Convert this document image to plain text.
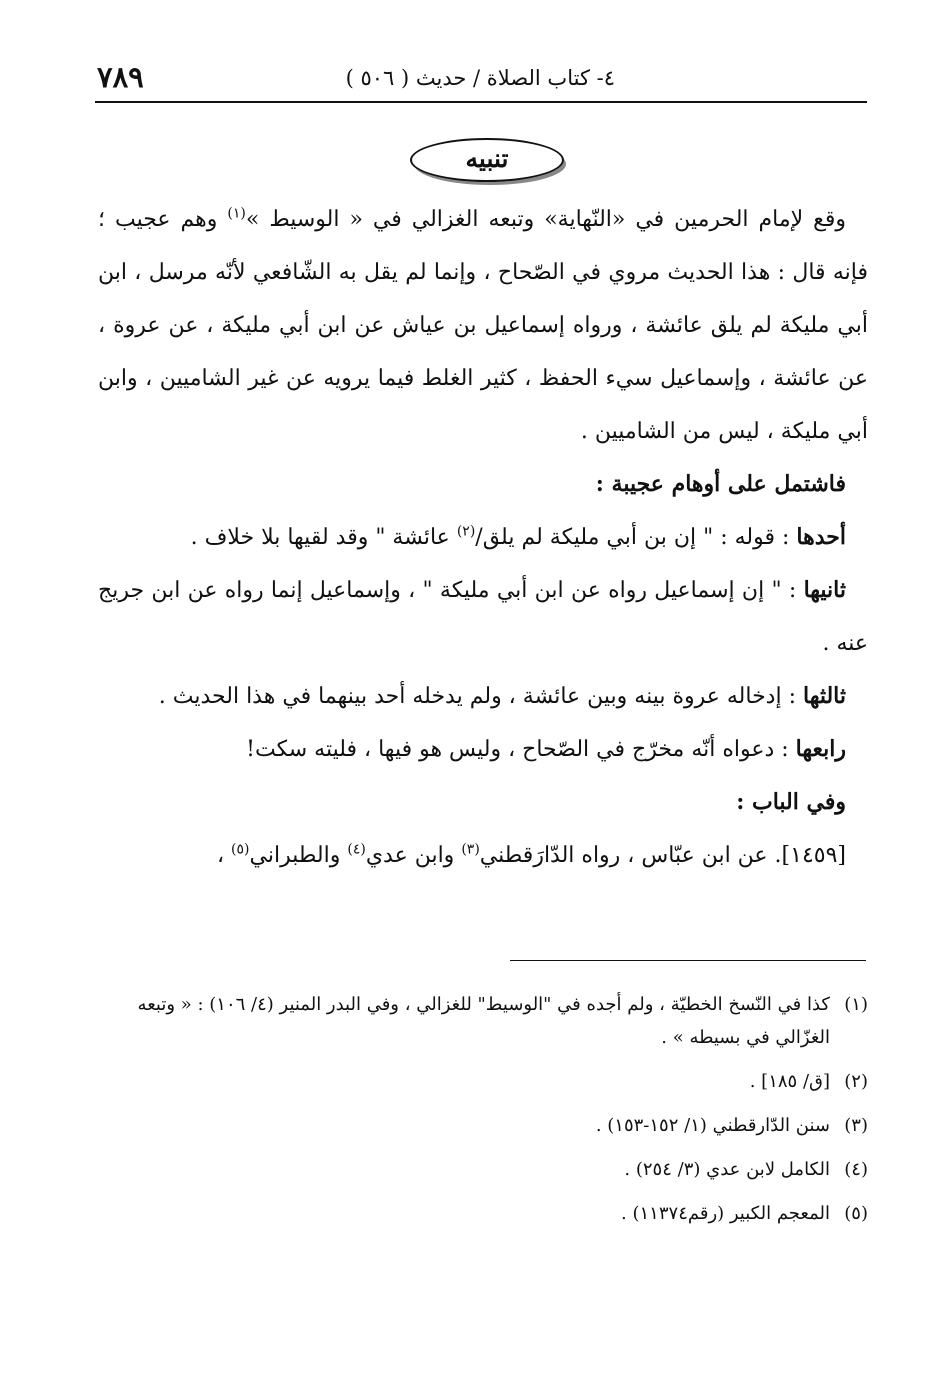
٤- كتاب الصلاة / حديث ( ٥٠٦ )
٧٨٩
تنبيه

وقع لإمام الحرمين في «النّهاية» وتبعه الغزالي في « الوسيط »$^{(١)}$ وهم عجيب ؛ فإنه قال : هذا الحديث مروي في الصّحاح ، وإنما لم يقل به الشّافعي لأنّه مرسل ، ابن أبي مليكة لم يلق عائشة ، ورواه إسماعيل بن عياش عن ابن أبي مليكة ، عن عروة ، عن عائشة ، وإسماعيل سيء الحفظ ، كثير الغلط فيما يرويه عن غير الشاميين ، وابن أبي مليكة ، ليس من الشاميين .

فاشتمل على أوهام عجيبة :

أحدها : قوله : " إن بن أبي مليكة لم يلق/$^{(٢)}$ عائشة " وقد لقيها بلا خلاف .

ثانيها : " إن إسماعيل رواه عن ابن أبي مليكة " ، وإسماعيل إنما رواه عن ابن جريج عنه .

ثالثها : إدخاله عروة بينه وبين عائشة ، ولم يدخله أحد بينهما في هذا الحديث .

رابعها : دعواه أنّه مخرّج في الصّحاح ، وليس هو فيها ، فليته سكت!

وفي الباب :

[١٤٥٩]. عن ابن عبّاس ، رواه الدّارَقطني$^{(٣)}$ وابن عدي$^{(٤)}$ والطبراني$^{(٥)}$ ،

(١)
كذا في النّسخ الخطيّة ، ولم أجده في "الوسيط" للغزالي ، وفي البدر المنير (٤/ ١٠٦) : « وتبعه الغزّالي في بسيطه » .
(٢)
[ق/ ١٨٥] .
(٣)
سنن الدّارقطني (١/ ١٥٢-١٥٣) .
(٤)
الكامل لابن عدي (٣/ ٢٥٤) .
(٥)
المعجم الكبير (رقم١١٣٧٤) .
